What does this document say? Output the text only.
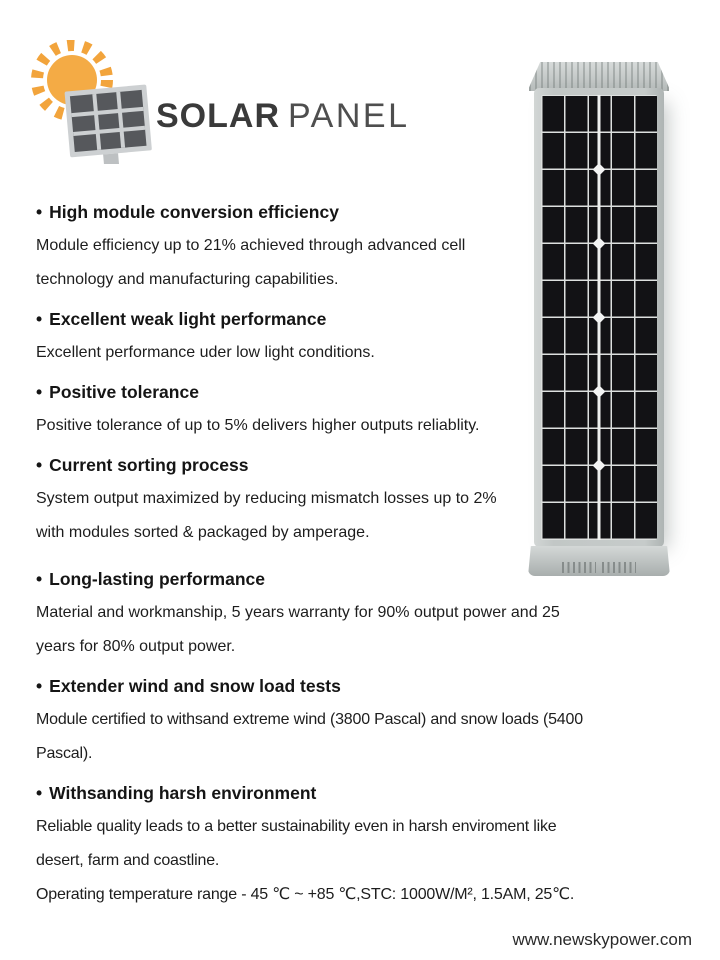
SOLAR PANEL
• High module conversion efficiency

Module efficiency up to 21% achieved through advanced cell

technology and manufacturing capabilities.

• Excellent weak light performance

Excellent performance uder low light conditions.

• Positive tolerance

Positive tolerance of up to 5% delivers higher outputs reliablity.

• Current sorting process

System output maximized by reducing mismatch losses up to 2%

with modules sorted & packaged by amperage.

• Long-lasting performance

Material and workmanship, 5 years warranty for 90% output power and 25

years for 80% output power.

• Extender wind and snow load tests

Module certified to withsand extreme wind (3800 Pascal) and snow loads (5400

Pascal).

• Withsanding harsh environment

Reliable quality leads to a better sustainability even in harsh enviroment like

desert, farm and coastline.

Operating temperature range - 45 ℃ ~ +85 ℃,STC: 1000W/M², 1.5AM, 25℃.

www.newskypower.com
